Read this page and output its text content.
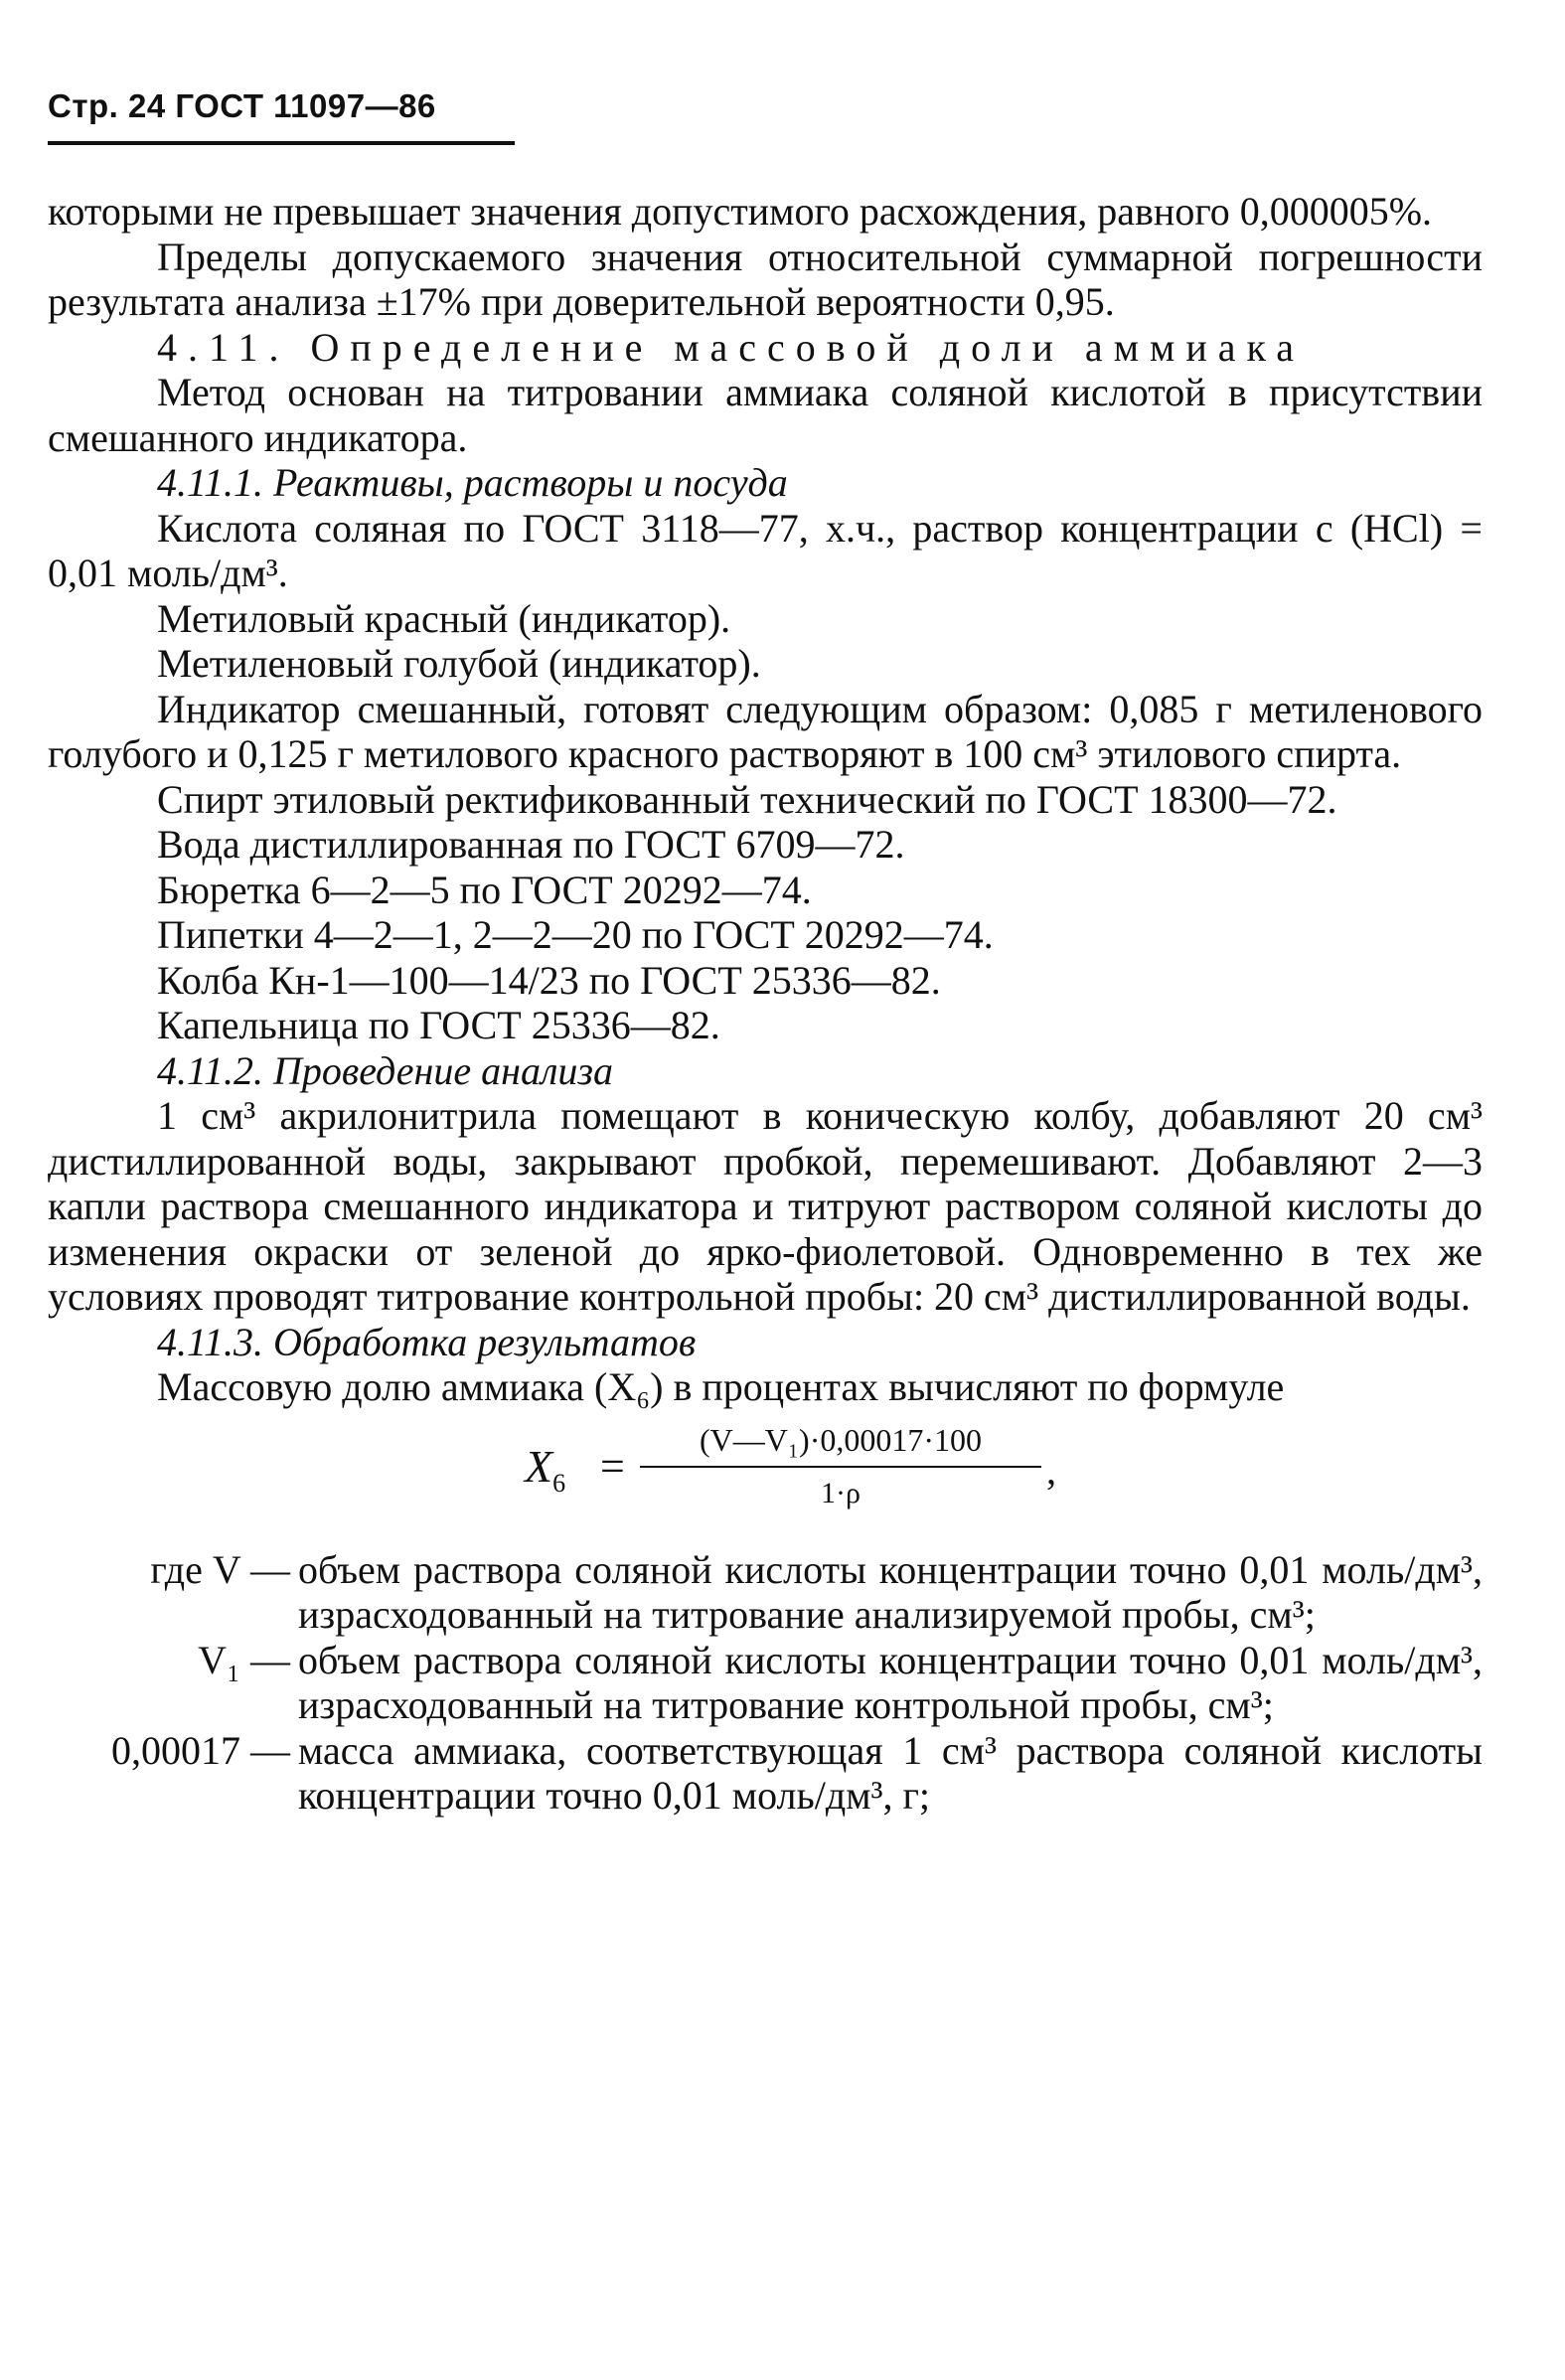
Стр. 24 ГОСТ 11097—86

которыми не превышает значения допустимого расхождения, равного 0,000005%.

Пределы допускаемого значения относительной суммарной погрешности результата анализа ±17% при доверительной вероятности 0,95.

4.11. Определение массовой доли аммиака

Метод основан на титровании аммиака соляной кислотой в присутствии смешанного индикатора.

4.11.1. Реактивы, растворы и посуда

Кислота соляная по ГОСТ 3118—77, х.ч., раствор концентрации c (HCl) = 0,01 моль/дм³.

Метиловый красный (индикатор).

Метиленовый голубой (индикатор).

Индикатор смешанный, готовят следующим образом: 0,085 г метиленового голубого и 0,125 г метилового красного растворяют в 100 см³ этилового спирта.

Спирт этиловый ректификованный технический по ГОСТ 18300—72.

Вода дистиллированная по ГОСТ 6709—72.

Бюретка 6—2—5 по ГОСТ 20292—74.

Пипетки 4—2—1, 2—2—20 по ГОСТ 20292—74.

Колба Кн-1—100—14/23 по ГОСТ 25336—82.

Капельница по ГОСТ 25336—82.

4.11.2. Проведение анализа

1 см³ акрилонитрила помещают в коническую колбу, добавляют 20 см³ дистиллированной воды, закрывают пробкой, перемешивают. Добавляют 2—3 капли раствора смешанного индикатора и титруют раствором соляной кислоты до изменения окраски от зеленой до ярко-фиолетовой. Одновременно в тех же условиях проводят титрование контрольной пробы: 20 см³ дистиллированной воды.

4.11.3. Обработка результатов

Массовую долю аммиака (X₆) в процентах вычисляют по формуле

$X_6$ =
(V—V₁)·0,00017·100
1·ρ
,
где V — объем раствора соляной кислоты концентрации точно 0,01 моль/дм³, израсходованный на титрование анализируемой пробы, см³;
V₁ — объем раствора соляной кислоты концентрации точно 0,01 моль/дм³, израсходованный на титрование контрольной пробы, см³;
0,00017 — масса аммиака, соответствующая 1 см³ раствора соляной кислоты концентрации точно 0,01 моль/дм³, г;
